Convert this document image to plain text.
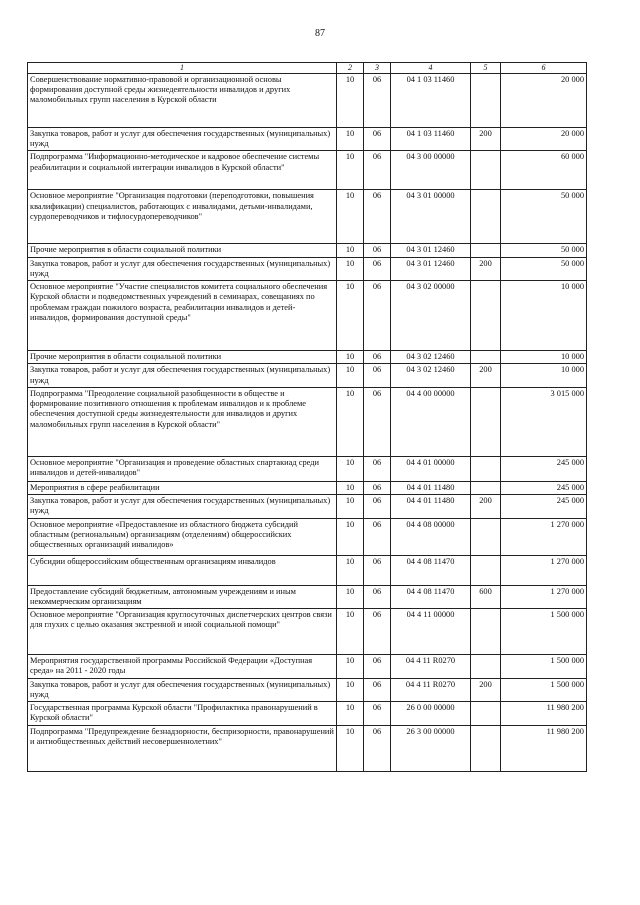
87
1	2	3	4	5	6
Совершенствование нормативно-правовой и организационной основы формирования доступной среды жизнедеятельности инвалидов и других маломобильных групп населения в Курской области	10	06	04 1 03 11460		20 000
Закупка товаров, работ и услуг для обеспечения государственных (муниципальных) нужд	10	06	04 1 03 11460	200	20 000
Подпрограмма "Информационно-методическое и кадровое обеспечение системы реабилитации и социальной интеграции инвалидов в Курской области"	10	06	04 3 00 00000		60 000
Основное мероприятие "Организация подготовки (переподготовки, повышения квалификации) специалистов, работающих с инвалидами, детьми-инвалидами, сурдопереводчиков и тифлосурдопереводчиков"	10	06	04 3 01 00000		50 000
Прочие мероприятия в области социальной политики	10	06	04 3 01 12460		50 000
Закупка товаров, работ и услуг для обеспечения государственных (муниципальных) нужд	10	06	04 3 01 12460	200	50 000
Основное мероприятие "Участие специалистов комитета социального обеспечения Курской области и подведомственных учреждений в семинарах, совещаниях по проблемам граждан пожилого возраста, реабилитации инвалидов и детей-инвалидов, формирования доступной среды"	10	06	04 3 02 00000		10 000
Прочие мероприятия в области социальной политики	10	06	04 3 02 12460		10 000
Закупка товаров, работ и услуг для обеспечения государственных (муниципальных) нужд	10	06	04 3 02 12460	200	10 000
Подпрограмма "Преодоление социальной разобщенности в обществе и формирование позитивного отношения к проблемам инвалидов и к проблеме обеспечения доступной среды жизнедеятельности для инвалидов и других маломобильных групп населения в Курской области"	10	06	04 4 00 00000		3 015 000
Основное мероприятие "Организация и проведение областных спартакиад среди инвалидов и детей-инвалидов"	10	06	04 4 01 00000		245 000
Мероприятия в сфере реабилитации	10	06	04 4 01 11480		245 000
Закупка товаров, работ и услуг для обеспечения государственных (муниципальных) нужд	10	06	04 4 01 11480	200	245 000
Основное мероприятие «Предоставление из областного бюджета субсидий областным (региональным) организациям (отделениям) общероссийских общественных организаций инвалидов»	10	06	04 4 08 00000		1 270 000
Субсидии общероссийским общественным организациям инвалидов	10	06	04 4 08 11470		1 270 000
Предоставление субсидий бюджетным, автономным учреждениям и иным некоммерческим организациям	10	06	04 4 08 11470	600	1 270 000
Основное мероприятие "Организация круглосуточных диспетчерских центров связи для глухих с целью оказания экстренной и иной социальной помощи"	10	06	04 4 11 00000		1 500 000
Мероприятия государственной программы Российской Федерации «Доступная среда» на 2011 - 2020 годы	10	06	04 4 11 R0270		1 500 000
Закупка товаров, работ и услуг для обеспечения государственных (муниципальных) нужд	10	06	04 4 11 R0270	200	1 500 000
Государственная программа Курской области "Профилактика правонарушений в Курской области"	10	06	26 0 00 00000		11 980 200
Подпрограмма "Предупреждение безнадзорности, беспризорности, правонарушений и антиобщественных действий несовершеннолетних"	10	06	26 3 00 00000		11 980 200
